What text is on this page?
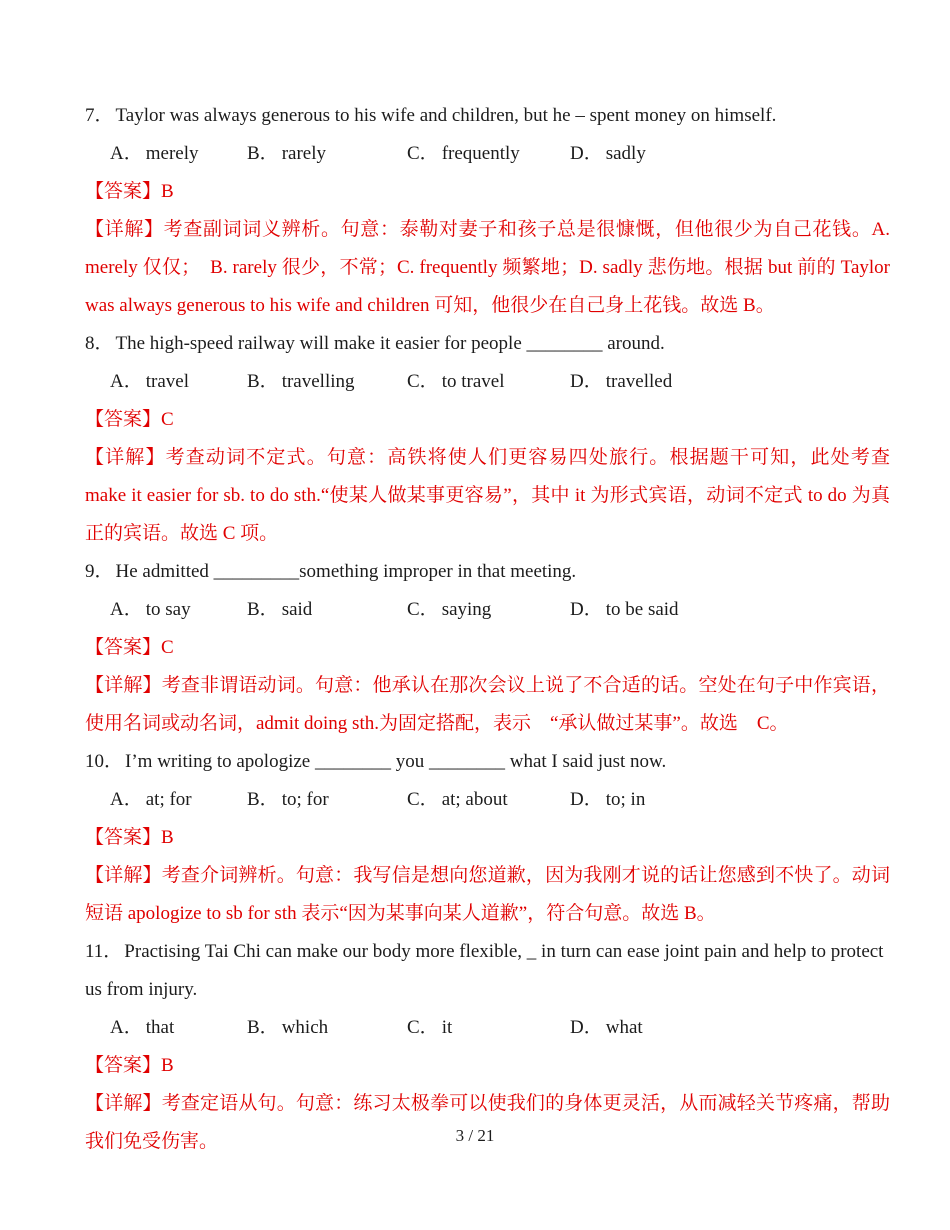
7． Taylor was always generous to his wife and children, but he – spent money on himself.

A． merely	B． rarely	C． frequently	D． sadly

【答案】B

【详解】考查副词词义辨析。句意：泰勒对妻子和孩子总是很慷慨，但他很少为自己花钱。A. merely 仅仅；　B. rarely 很少，不常；C. frequently 频繁地；D. sadly 悲伤地。根据 but 前的 Taylor was always generous to his wife and children 可知，他很少在自己身上花钱。故选 B。

8． The high-speed railway will make it easier for people ________ around.

A． travel	B． travelling	C． to travel	D． travelled

【答案】C

【详解】考查动词不定式。句意：高铁将使人们更容易四处旅行。根据题干可知，此处考查 make it easier for sb. to do sth.“使某人做某事更容易”，其中 it 为形式宾语，动词不定式 to do 为真正的宾语。故选 C 项。

9． He admitted _________something improper in that meeting.

A． to say	B． said	C． saying	D． to be said

【答案】C

【详解】考查非谓语动词。句意：他承认在那次会议上说了不合适的话。空处在句子中作宾语，使用名词或动名词，admit doing sth.为固定搭配，表示　“承认做过某事”。故选　C。

10． I’m writing to apologize ________ you ________ what I said just now.

A． at; for	B． to; for	C． at; about	D． to; in

【答案】B

【详解】考查介词辨析。句意：我写信是想向您道歉，因为我刚才说的话让您感到不快了。动词短语 apologize to sb for sth 表示“因为某事向某人道歉”，符合句意。故选 B。

11． Practising Tai Chi can make our body more flexible, _ in turn can ease joint pain and help to protect us from injury.

A． that	B． which	C． it	D． what

【答案】B

【详解】考查定语从句。句意：练习太极拳可以使我们的身体更灵活，从而减轻关节疼痛，帮助我们免受伤害。	3 / 21
